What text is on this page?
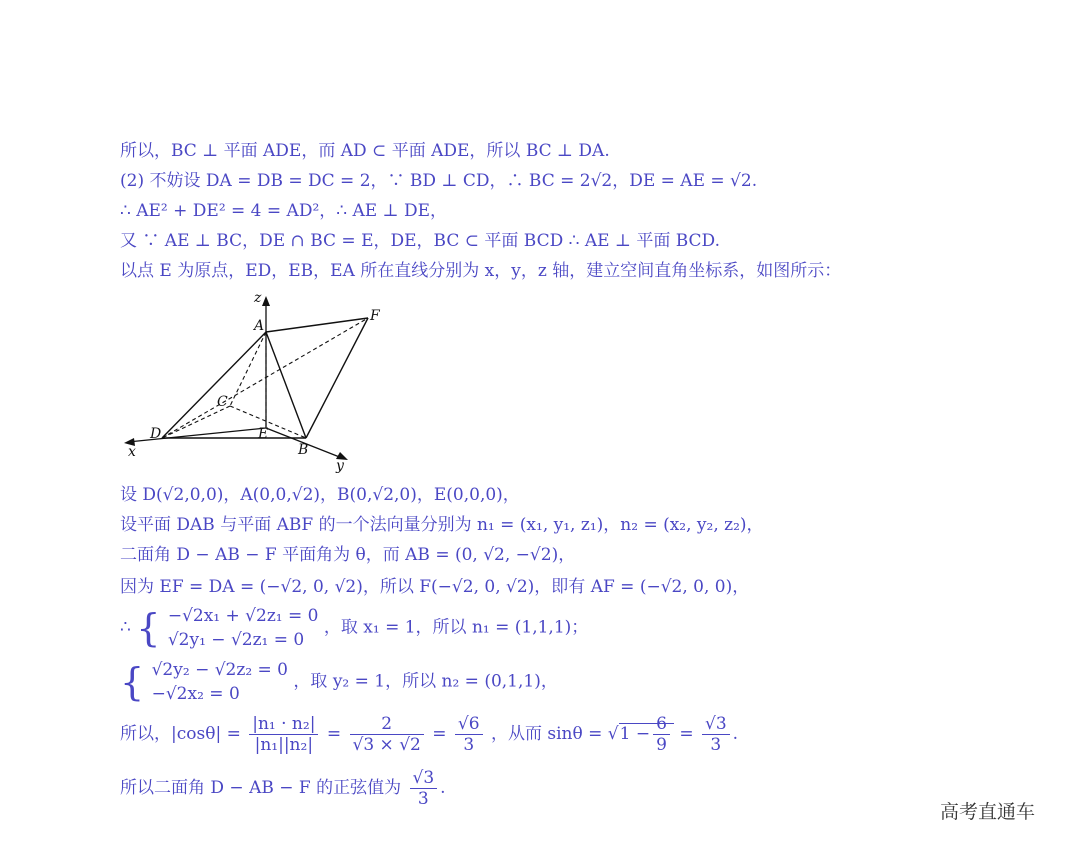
所以，BC ⊥ 平面 ADE，而 AD ⊂ 平面 ADE，所以 BC ⊥ DA.
(2) 不妨设 DA = DB = DC = 2，∵ BD ⊥ CD，∴ BC = 2√2，DE = AE = √2.
∴ AE² + DE² = 4 = AD²，∴ AE ⊥ DE，
又 ∵ AE ⊥ BC，DE ∩ BC = E，DE，BC ⊂ 平面 BCD ∴ AE ⊥ 平面 BCD.
以点 E 为原点，ED，EB，EA 所在直线分别为 x，y，z 轴，建立空间直角坐标系，如图所示：
z
A
F
C
D	E
B
x
y
设 D(√2,0,0)，A(0,0,√2)，B(0,√2,0)，E(0,0,0)，
设平面 DAB 与平面 ABF 的一个法向量分别为 n₁ = (x₁, y₁, z₁)，n₂ = (x₂, y₂, z₂)，
二面角 D − AB − F 平面角为 θ，而 AB = (0, √2, −√2)，
因为 EF = DA = (−√2, 0, √2)，所以 F(−√2, 0, √2)，即有 AF = (−√2, 0, 0)，
∴ { −√2x₁ + √2z₁ = 0
√2y₁ − √2z₁ = 0
，取 x₁ = 1，所以 n₁ = (1,1,1)；
{ √2y₂ − √2z₂ = 0
−√2x₂ = 0
，取 y₂ = 1，所以 n₂ = (0,1,1)，
所以，$|\cos\theta| = \frac{\text{|n₁ · n₂|}}{\text{|n₁||n₂|}} = \frac{2}{√3 \times √2} = \frac{√6}{3}$ ，从而 $\sin\theta = √1 - \frac{6}{9} = \frac{√3}{3}$ .
所以二面角 D − AB − F 的正弦值为 $\frac{√3}{3}$ .
高考直通车
